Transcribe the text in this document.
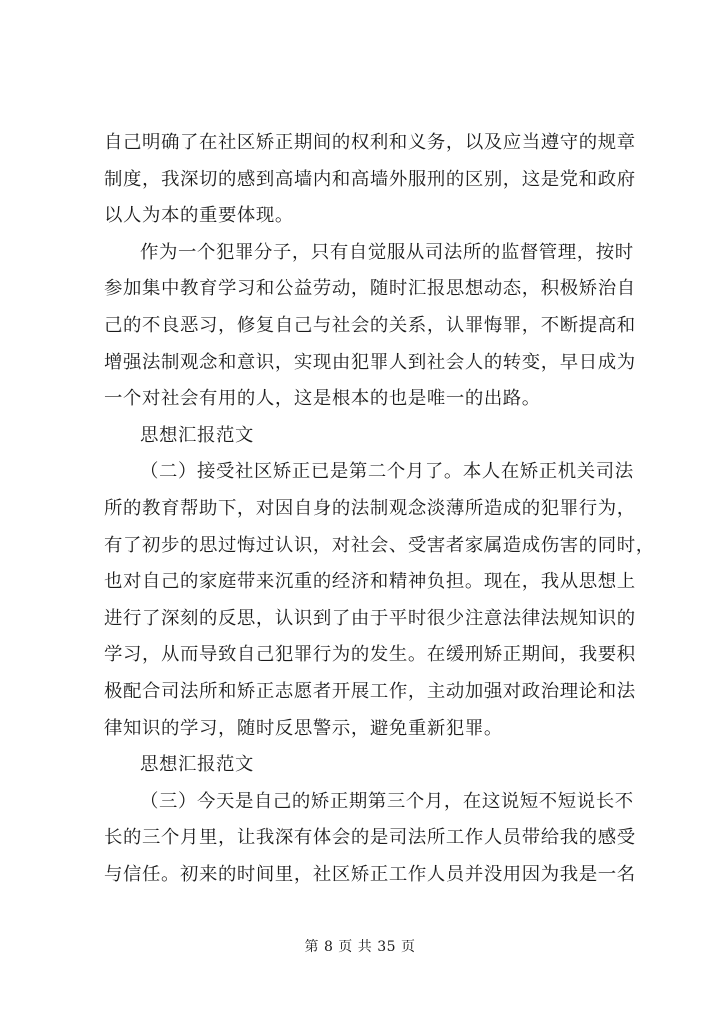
自己明确了在社区矫正期间的权利和义务，以及应当遵守的规章
制度，我深切的感到高墙内和高墙外服刑的区别，这是党和政府
以人为本的重要体现。
作为一个犯罪分子，只有自觉服从司法所的监督管理，按时
参加集中教育学习和公益劳动，随时汇报思想动态，积极矫治自
己的不良恶习，修复自己与社会的关系，认罪悔罪，不断提高和
增强法制观念和意识，实现由犯罪人到社会人的转变，早日成为
一个对社会有用的人，这是根本的也是唯一的出路。
思想汇报范文
（二）接受社区矫正已是第二个月了。本人在矫正机关司法
所的教育帮助下，对因自身的法制观念淡薄所造成的犯罪行为，
有了初步的思过悔过认识，对社会、受害者家属造成伤害的同时，
也对自己的家庭带来沉重的经济和精神负担。现在，我从思想上
进行了深刻的反思，认识到了由于平时很少注意法律法规知识的
学习，从而导致自己犯罪行为的发生。在缓刑矫正期间，我要积
极配合司法所和矫正志愿者开展工作，主动加强对政治理论和法
律知识的学习，随时反思警示，避免重新犯罪。
思想汇报范文
（三）今天是自己的矫正期第三个月，在这说短不短说长不
长的三个月里，让我深有体会的是司法所工作人员带给我的感受
与信任。初来的时间里，社区矫正工作人员并没用因为我是一名
第 8 页 共 35 页
